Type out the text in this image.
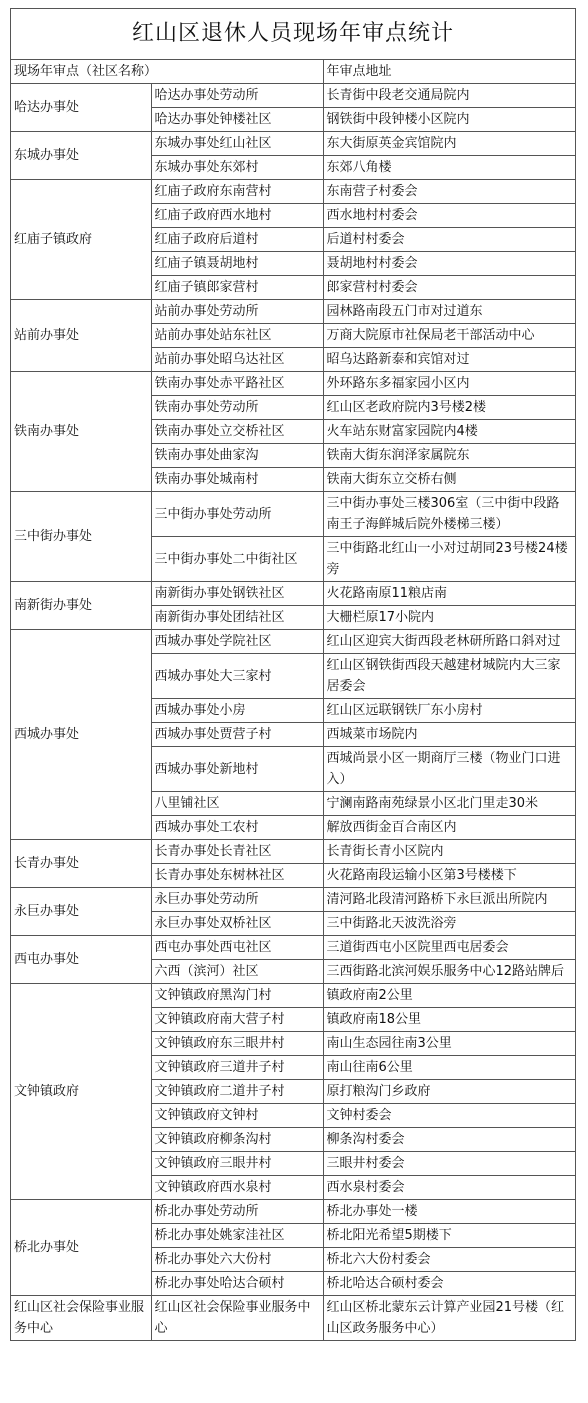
红山区退休人员现场年审点统计
现场年审点（社区名称）		年审点地址
哈达办事处	哈达办事处劳动所	长青街中段老交通局院内
	哈达办事处钟楼社区	钢铁街中段钟楼小区院内
东城办事处	东城办事处红山社区	东大街原英金宾馆院内
	东城办事处东郊村	东郊八角楼
红庙子镇政府	红庙子政府东南营村	东南营子村委会
	红庙子政府西水地村	西水地村村委会
	红庙子政府后道村	后道村村委会
	红庙子镇聂胡地村	聂胡地村村委会
	红庙子镇郎家营村	郎家营村村委会
站前办事处	站前办事处劳动所	园林路南段五门市对过道东
	站前办事处站东社区	万商大院原市社保局老干部活动中心
	站前办事处昭乌达社区	昭乌达路新泰和宾馆对过
铁南办事处	铁南办事处赤平路社区	外环路东多福家园小区内
	铁南办事处劳动所	红山区老政府院内3号楼2楼
	铁南办事处立交桥社区	火车站东财富家园院内4楼
	铁南办事处曲家沟	铁南大街东润泽家属院东
	铁南办事处城南村	铁南大街东立交桥右侧
三中街办事处	三中街办事处劳动所	三中街办事处三楼306室（三中街中段路南王子海鲜城后院外楼梯三楼）
	三中街办事处二中街社区	三中街路北红山一小对过胡同23号楼24楼旁
南新街办事处	南新街办事处钢铁社区	火花路南原11粮店南
	南新街办事处团结社区	大栅栏原17小院内
西城办事处	西城办事处学院社区	红山区迎宾大街西段老林研所路口斜对过
	西城办事处大三家村	红山区钢铁街西段天越建材城院内大三家居委会
	西城办事处小房	红山区远联钢铁厂东小房村
	西城办事处贾营子村	西城菜市场院内
	西城办事处新地村	西城尚景小区一期商厅三楼（物业门口进入）
	八里铺社区	宁澜南路南苑绿景小区北门里走30米
	西城办事处工农村	解放西街金百合南区内
长青办事处	长青办事处长青社区	长青街长青小区院内
	长青办事处东树林社区	火花路南段运输小区第3号楼楼下
永巨办事处	永巨办事处劳动所	清河路北段清河路桥下永巨派出所院内
	永巨办事处双桥社区	三中街路北天波洗浴旁
西屯办事处	西屯办事处西屯社区	三道街西屯小区院里西屯居委会
	六西（滨河）社区	三西街路北滨河娱乐服务中心12路站牌后
文钟镇政府	文钟镇政府黑沟门村	镇政府南2公里
	文钟镇政府南大营子村	镇政府南18公里
	文钟镇政府东三眼井村	南山生态园往南3公里
	文钟镇政府三道井子村	南山往南6公里
	文钟镇政府二道井子村	原打粮沟门乡政府
	文钟镇政府文钟村	文钟村委会
	文钟镇政府柳条沟村	柳条沟村委会
	文钟镇政府三眼井村	三眼井村委会
	文钟镇政府西水泉村	西水泉村委会
桥北办事处	桥北办事处劳动所	桥北办事处一楼
	桥北办事处姚家洼社区	桥北阳光希望5期楼下
	桥北办事处六大份村	桥北六大份村委会
	桥北办事处哈达合硕村	桥北哈达合硕村委会
红山区社会保险事业服务中心	红山区社会保险事业服务中心	红山区桥北蒙东云计算产业园21号楼（红山区政务服务中心）
